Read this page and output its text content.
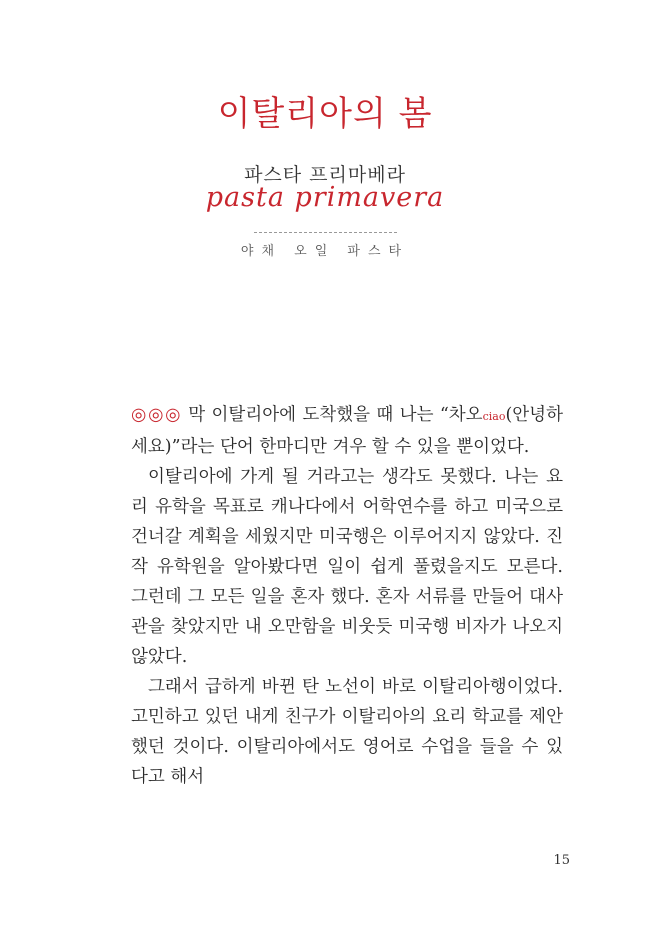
이탈리아의 봄
파스타 프리마베라
pasta primavera
야채 오일 파스타

◎◎◎ 막 이탈리아에 도착했을 때 나는 “차오ciao(안녕하세요)”라는 단어 한마디만 겨우 할 수 있을 뿐이었다.

이탈리아에 가게 될 거라고는 생각도 못했다. 나는 요리 유학을 목표로 캐나다에서 어학연수를 하고 미국으로 건너갈 계획을 세웠지만 미국행은 이루어지지 않았다. 진작 유학원을 알아봤다면 일이 쉽게 풀렸을지도 모른다. 그런데 그 모든 일을 혼자 했다. 혼자 서류를 만들어 대사관을 찾았지만 내 오만함을 비웃듯 미국행 비자가 나오지 않았다.

그래서 급하게 바뀐 탄 노선이 바로 이탈리아행이었다. 고민하고 있던 내게 친구가 이탈리아의 요리 학교를 제안했던 것이다. 이탈리아에서도 영어로 수업을 들을 수 있다고 해서

15
